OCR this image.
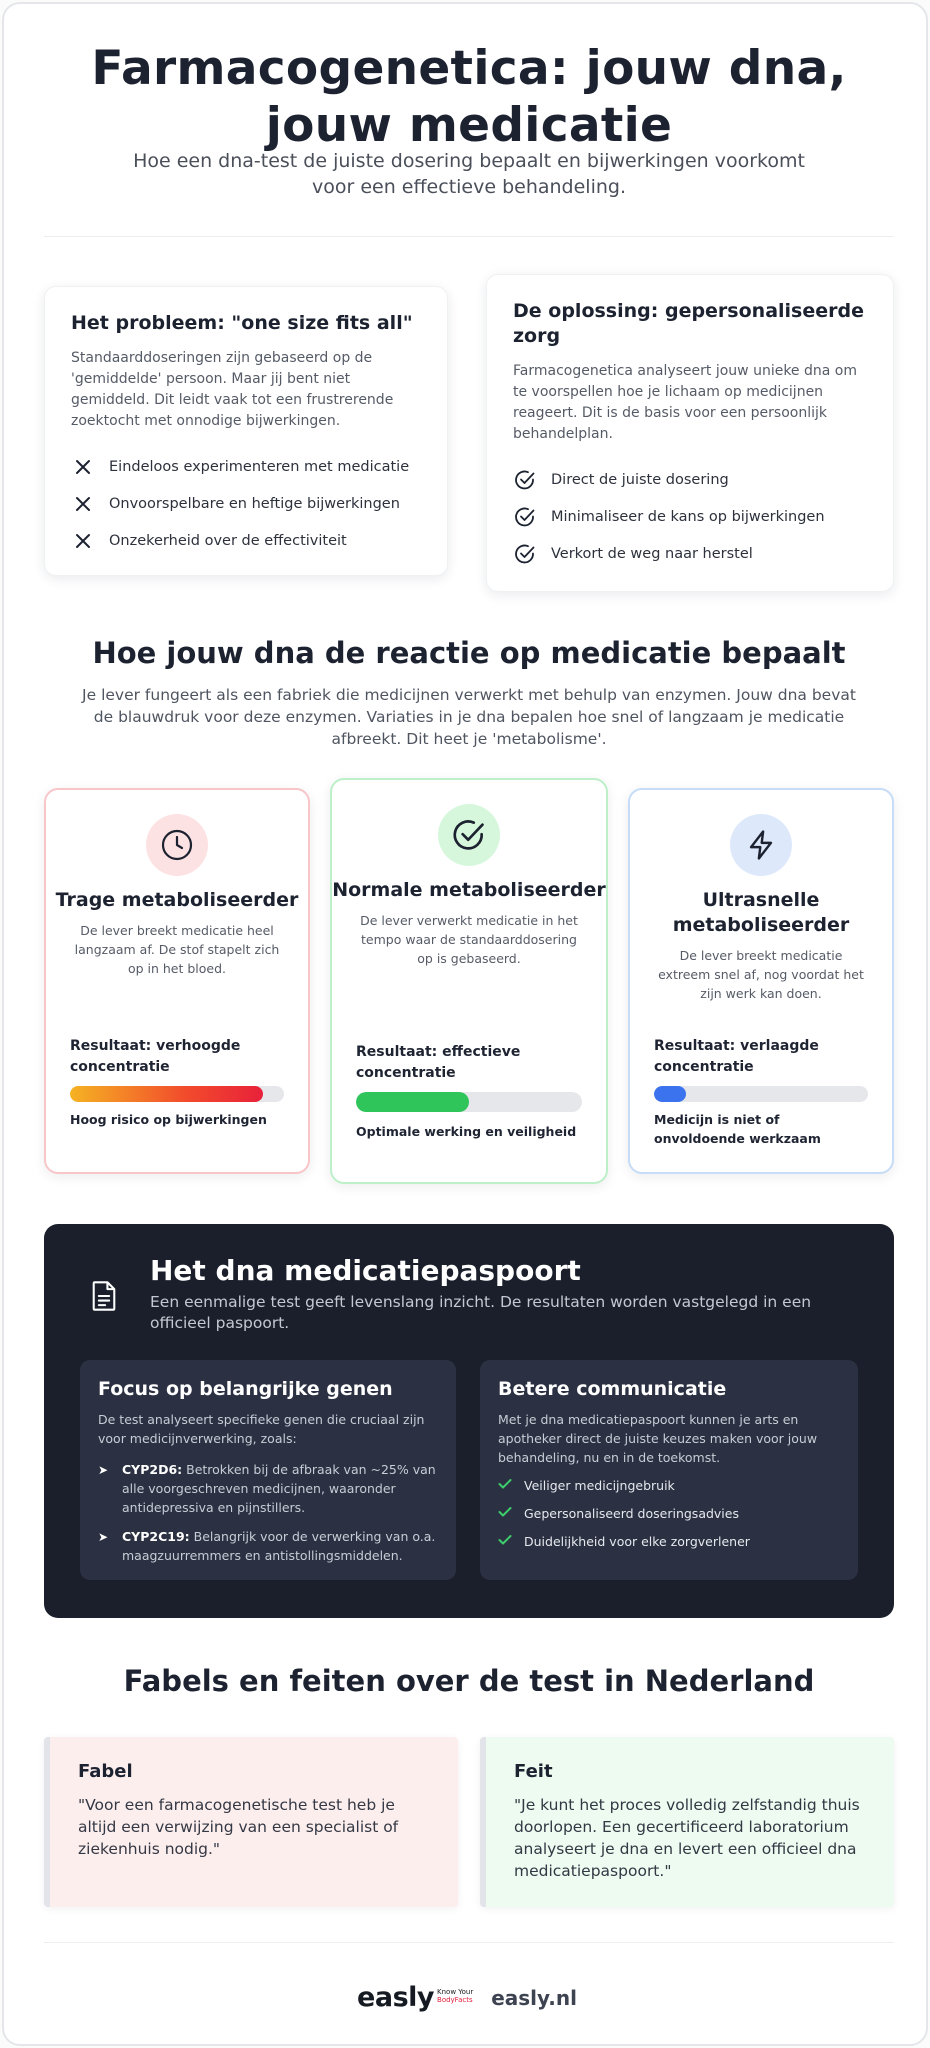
Farmacogenetica: jouw dna, jouw medicatie

Hoe een dna-test de juiste dosering bepaalt en bijwerkingen voorkomt voor een effectieve behandeling.

Het probleem: "one size fits all"

Standaarddoseringen zijn gebaseerd op de 'gemiddelde' persoon. Maar jij bent niet gemiddeld. Dit leidt vaak tot een frustrerende zoektocht met onnodige bijwerkingen.

Eindeloos experimenteren met medicatie
Onvoorspelbare en heftige bijwerkingen
Onzekerheid over de effectiviteit
De oplossing: gepersonaliseerde zorg

Farmacogenetica analyseert jouw unieke dna om te voorspellen hoe je lichaam op medicijnen reageert. Dit is de basis voor een persoonlijk behandelplan.

Direct de juiste dosering
Minimaliseer de kans op bijwerkingen
Verkort de weg naar herstel
Hoe jouw dna de reactie op medicatie bepaalt

Je lever fungeert als een fabriek die medicijnen verwerkt met behulp van enzymen. Jouw dna bevat de blauwdruk voor deze enzymen. Variaties in je dna bepalen hoe snel of langzaam je medicatie afbreekt. Dit heet je 'metabolisme'.

Trage metaboliseerder

De lever breekt medicatie heel langzaam af. De stof stapelt zich op in het bloed.

Resultaat: verhoogde concentratie
Hoog risico op bijwerkingen
Normale metaboliseerder

De lever verwerkt medicatie in het tempo waar de standaarddosering op is gebaseerd.

Resultaat: effectieve concentratie
Optimale werking en veiligheid
Ultrasnelle metaboliseerder

De lever breekt medicatie extreem snel af, nog voordat het zijn werk kan doen.

Resultaat: verlaagde concentratie
Medicijn is niet of onvoldoende werkzaam
Het dna medicatiepaspoort

Een eenmalige test geeft levenslang inzicht. De resultaten worden vastgelegd in een officieel paspoort.

Focus op belangrijke genen

De test analyseert specifieke genen die cruciaal zijn voor medicijnverwerking, zoals:

➤	CYP2D6: Betrokken bij de afbraak van ~25% van alle voorgeschreven medicijnen, waaronder antidepressiva en pijnstillers.
➤	CYP2C19: Belangrijk voor de verwerking van o.a. maagzuurremmers en antistollingsmiddelen.
Betere communicatie

Met je dna medicatiepaspoort kunnen je arts en apotheker direct de juiste keuzes maken voor jouw behandeling, nu en in de toekomst.

Veiliger medicijngebruik
Gepersonaliseerd doseringsadvies
Duidelijkheid voor elke zorgverlener
Fabels en feiten over de test in Nederland
Fabel

"Voor een farmacogenetische test heb je altijd een verwijzing van een specialist of ziekenhuis nodig."

Feit

"Je kunt het proces volledig zelfstandig thuis doorlopen. Een gecertificeerd laboratorium analyseert je dna en levert een officieel dna medicatiepaspoort."

easly Know Your
BodyFacts easly.nl
